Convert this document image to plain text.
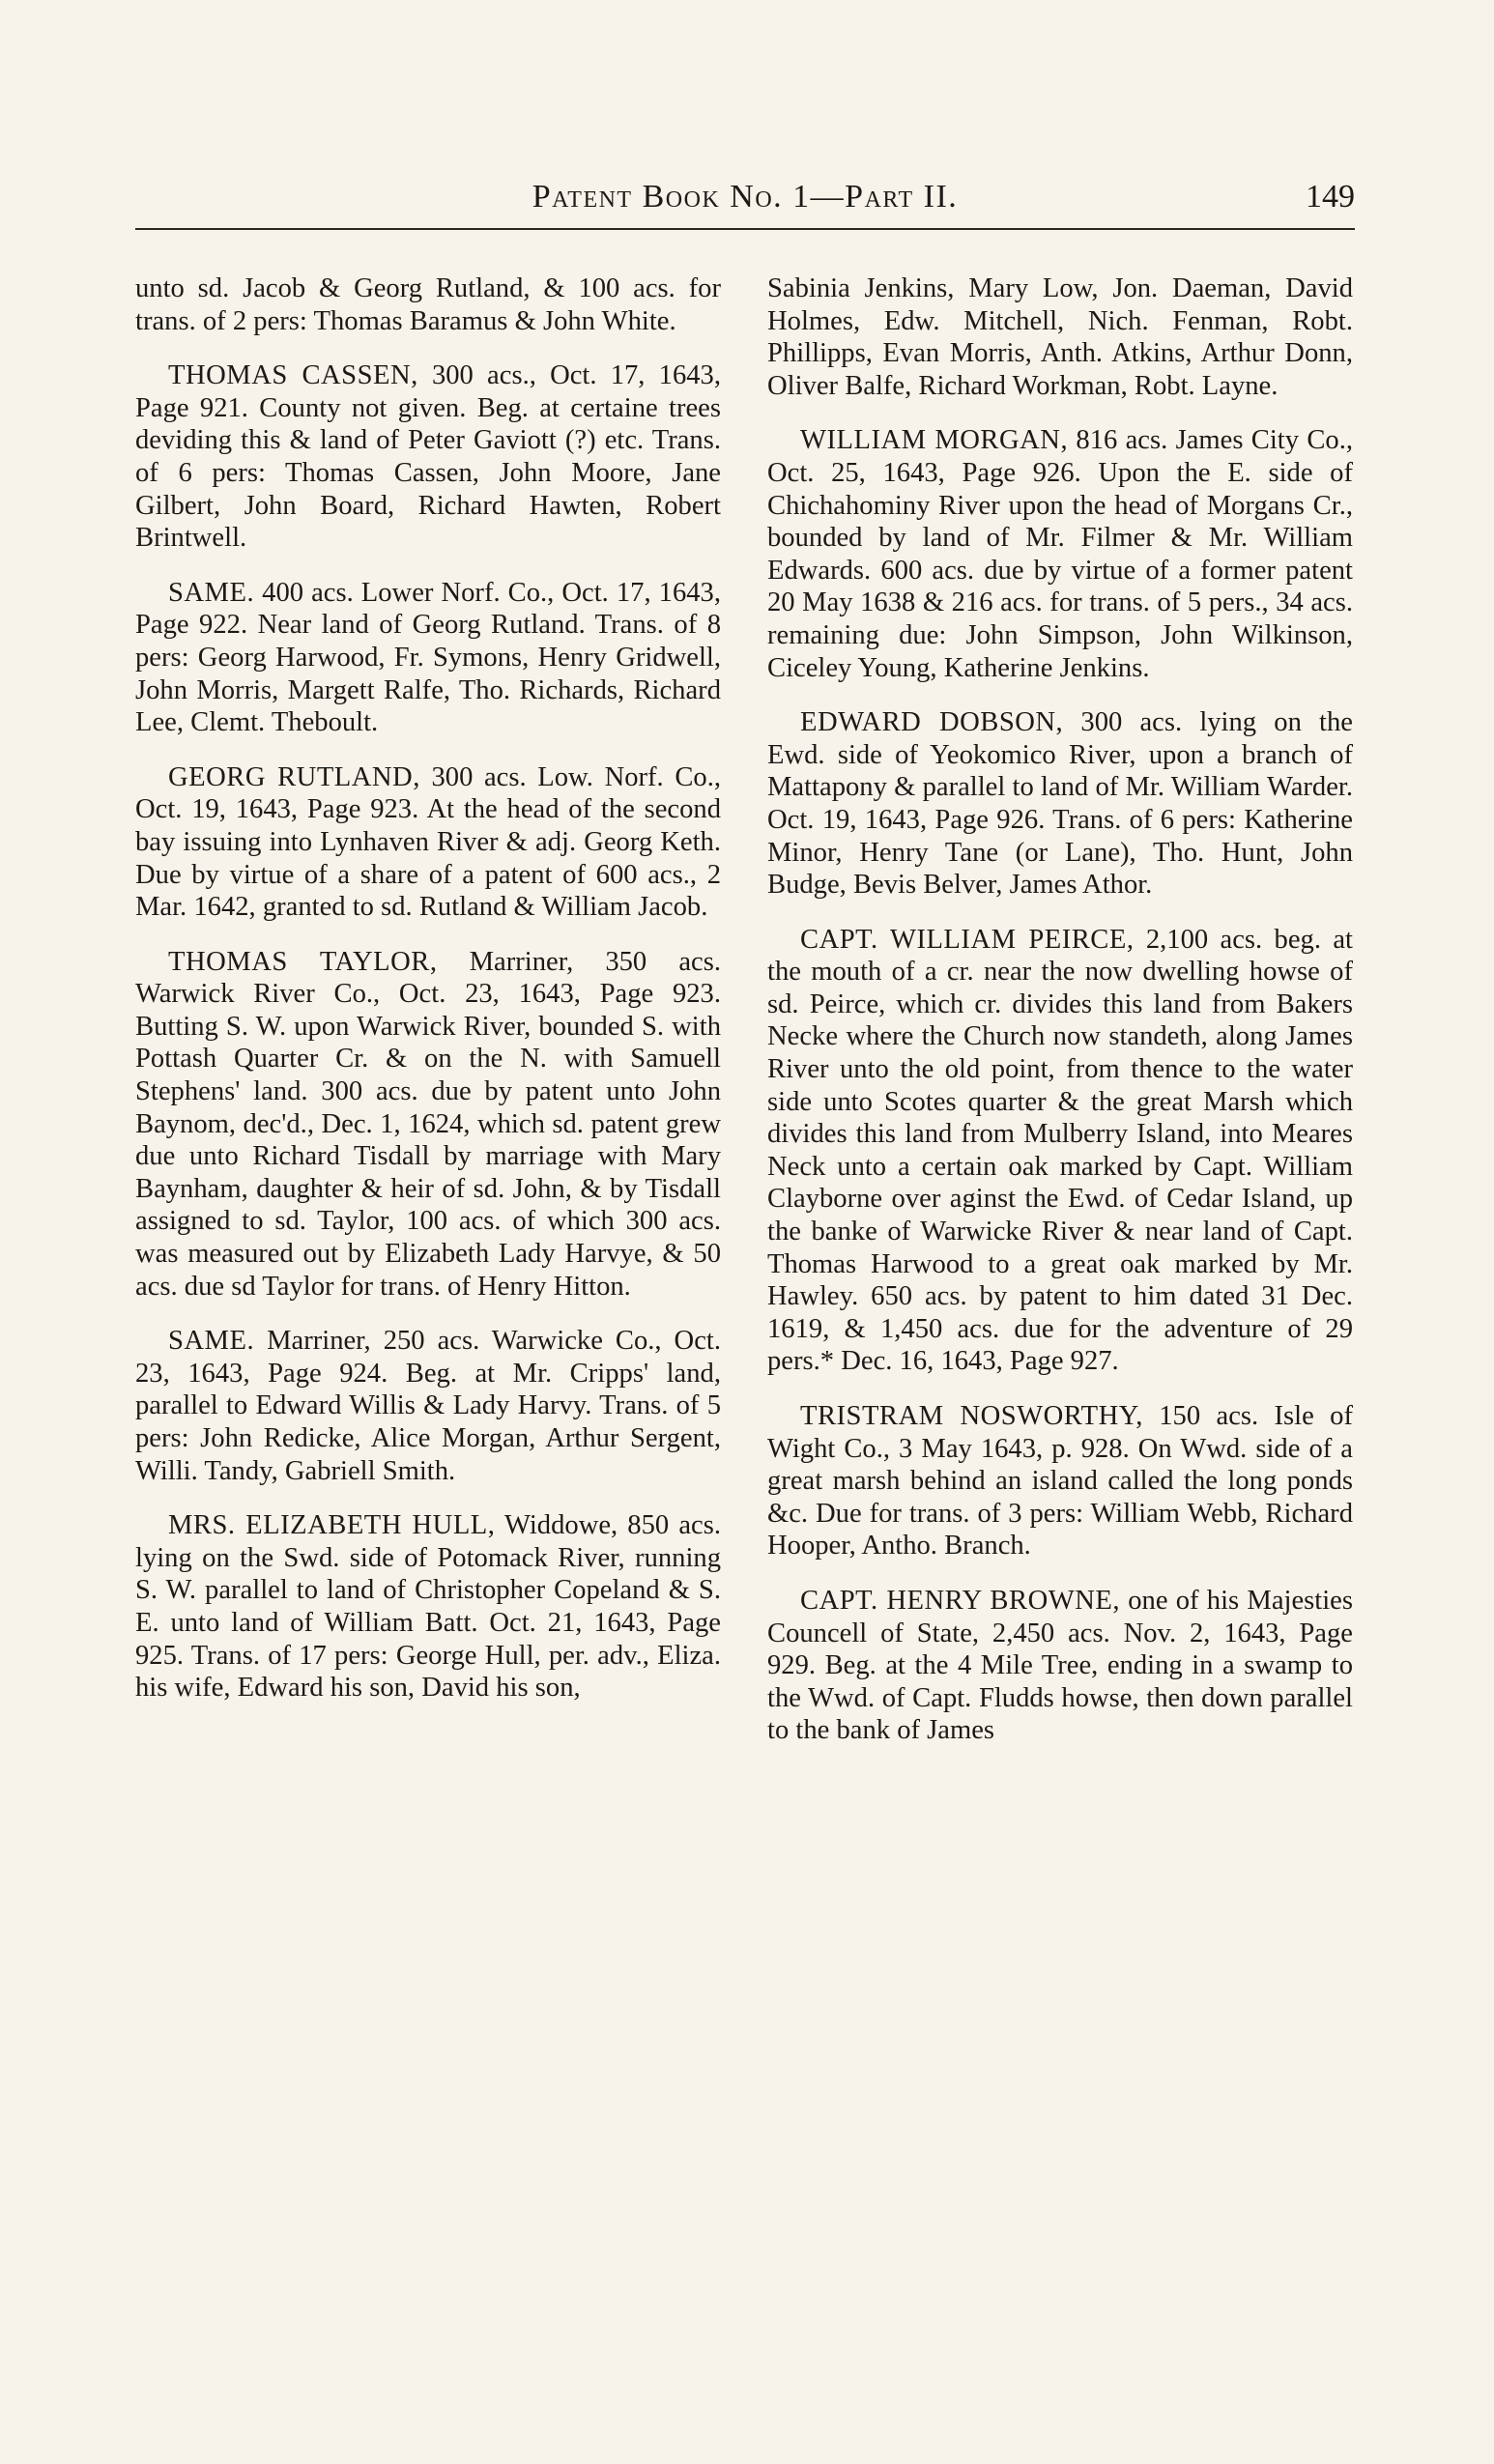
Patent Book No. 1—Part II.	149

unto sd. Jacob & Georg Rutland, & 100 acs. for trans. of 2 pers: Thomas Baramus & John White.

THOMAS CASSEN, 300 acs., Oct. 17, 1643, Page 921. County not given. Beg. at certaine trees deviding this & land of Peter Gaviott (?) etc. Trans. of 6 pers: Thomas Cassen, John Moore, Jane Gilbert, John Board, Richard Hawten, Robert Brintwell.

SAME. 400 acs. Lower Norf. Co., Oct. 17, 1643, Page 922. Near land of Georg Rutland. Trans. of 8 pers: Georg Harwood, Fr. Symons, Henry Gridwell, John Morris, Margett Ralfe, Tho. Richards, Richard Lee, Clemt. Theboult.

GEORG RUTLAND, 300 acs. Low. Norf. Co., Oct. 19, 1643, Page 923. At the head of the second bay issuing into Lynhaven River & adj. Georg Keth. Due by virtue of a share of a patent of 600 acs., 2 Mar. 1642, granted to sd. Rutland & William Jacob.

THOMAS TAYLOR, Marriner, 350 acs. Warwick River Co., Oct. 23, 1643, Page 923. Butting S. W. upon Warwick River, bounded S. with Pottash Quarter Cr. & on the N. with Samuell Stephens' land. 300 acs. due by patent unto John Baynom, dec'd., Dec. 1, 1624, which sd. patent grew due unto Richard Tisdall by marriage with Mary Baynham, daughter & heir of sd. John, & by Tisdall assigned to sd. Taylor, 100 acs. of which 300 acs. was measured out by Elizabeth Lady Harvye, & 50 acs. due sd Taylor for trans. of Henry Hitton.

SAME. Marriner, 250 acs. Warwicke Co., Oct. 23, 1643, Page 924. Beg. at Mr. Cripps' land, parallel to Edward Willis & Lady Harvy. Trans. of 5 pers: John Redicke, Alice Morgan, Arthur Sergent, Willi. Tandy, Gabriell Smith.

MRS. ELIZABETH HULL, Widdowe, 850 acs. lying on the Swd. side of Potomack River, running S. W. parallel to land of Christopher Copeland & S. E. unto land of William Batt. Oct. 21, 1643, Page 925. Trans. of 17 pers: George Hull, per. adv., Eliza. his wife, Edward his son, David his son,

Sabinia Jenkins, Mary Low, Jon. Daeman, David Holmes, Edw. Mitchell, Nich. Fenman, Robt. Phillipps, Evan Morris, Anth. Atkins, Arthur Donn, Oliver Balfe, Richard Workman, Robt. Layne.

WILLIAM MORGAN, 816 acs. James City Co., Oct. 25, 1643, Page 926. Upon the E. side of Chichahominy River upon the head of Morgans Cr., bounded by land of Mr. Filmer & Mr. William Edwards. 600 acs. due by virtue of a former patent 20 May 1638 & 216 acs. for trans. of 5 pers., 34 acs. remaining due: John Simpson, John Wilkinson, Ciceley Young, Katherine Jenkins.

EDWARD DOBSON, 300 acs. lying on the Ewd. side of Yeokomico River, upon a branch of Mattapony & parallel to land of Mr. William Warder. Oct. 19, 1643, Page 926. Trans. of 6 pers: Katherine Minor, Henry Tane (or Lane), Tho. Hunt, John Budge, Bevis Belver, James Athor.

CAPT. WILLIAM PEIRCE, 2,100 acs. beg. at the mouth of a cr. near the now dwelling howse of sd. Peirce, which cr. divides this land from Bakers Necke where the Church now standeth, along James River unto the old point, from thence to the water side unto Scotes quarter & the great Marsh which divides this land from Mulberry Island, into Meares Neck unto a certain oak marked by Capt. William Clayborne over aginst the Ewd. of Cedar Island, up the banke of Warwicke River & near land of Capt. Thomas Harwood to a great oak marked by Mr. Hawley. 650 acs. by patent to him dated 31 Dec. 1619, & 1,450 acs. due for the adventure of 29 pers.* Dec. 16, 1643, Page 927.

TRISTRAM NOSWORTHY, 150 acs. Isle of Wight Co., 3 May 1643, p. 928. On Wwd. side of a great marsh behind an island called the long ponds &c. Due for trans. of 3 pers: William Webb, Richard Hooper, Antho. Branch.

CAPT. HENRY BROWNE, one of his Majesties Councell of State, 2,450 acs. Nov. 2, 1643, Page 929. Beg. at the 4 Mile Tree, ending in a swamp to the Wwd. of Capt. Fludds howse, then down parallel to the bank of James
